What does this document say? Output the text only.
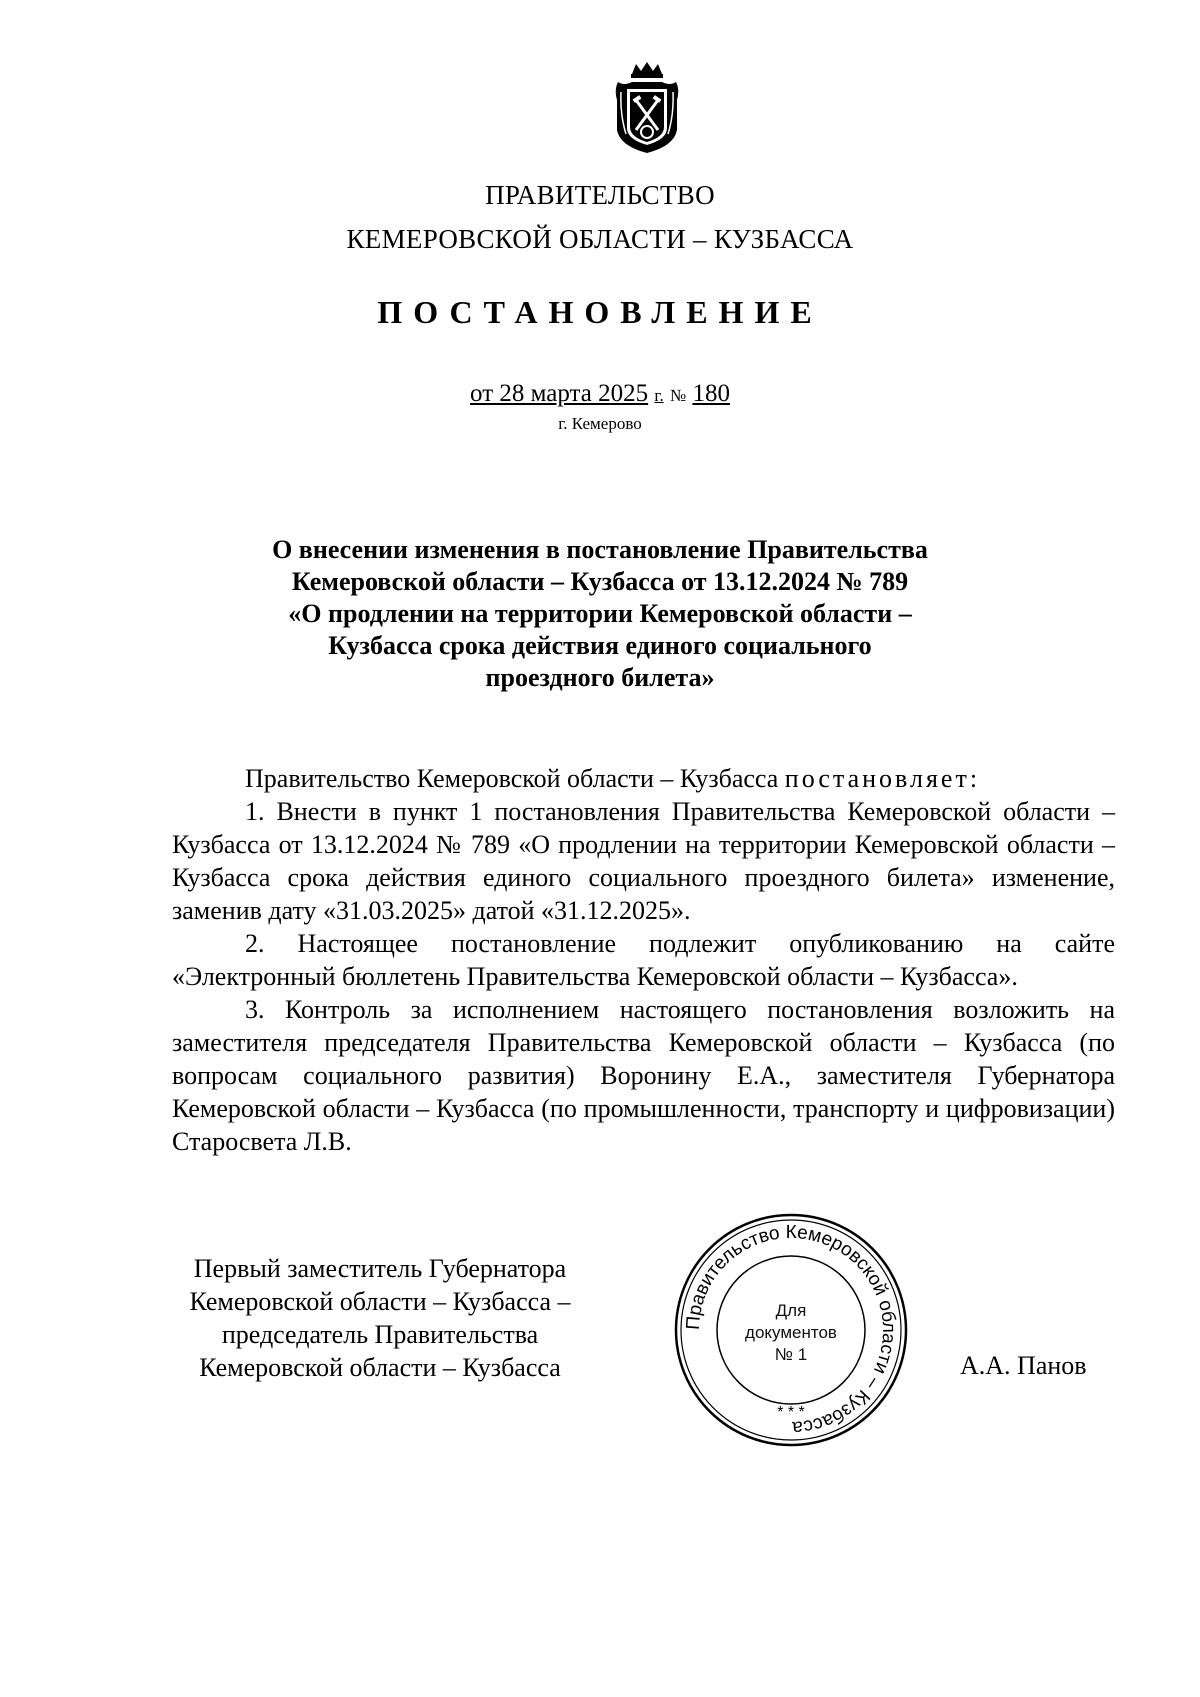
ПРАВИТЕЛЬСТВО
КЕМЕРОВСКОЙ ОБЛАСТИ – КУЗБАССА
ПОСТАНОВЛЕНИЕ
от 28 марта 2025 г. № 180
г. Кемерово
О внесении изменения в постановление Правительства
Кемеровской области – Кузбасса от 13.12.2024 № 789
«О продлении на территории Кемеровской области –
Кузбасса срока действия единого социального
проездного билета»

Правительство Кемеровской области – Кузбасса постановляет:

1. Внести в пункт 1 постановления Правительства Кемеровской области – Кузбасса от 13.12.2024 № 789 «О продлении на территории Кемеровской области – Кузбасса срока действия единого социального проездного билета» изменение, заменив дату «31.03.2025» датой «31.12.2025».

2. Настоящее постановление подлежит опубликованию на сайте «Электронный бюллетень Правительства Кемеровской области – Кузбасса».

3. Контроль за исполнением настоящего постановления возложить на заместителя председателя Правительства Кемеровской области – Кузбасса (по вопросам социального развития) Воронину Е.А., заместителя Губернатора Кемеровской области – Кузбасса (по промышленности, транспорту и цифровизации) Старосвета Л.В.

Первый заместитель Губернатора
Кемеровской области – Кузбасса –
председатель Правительства
Кемеровской области – Кузбасса
Правительство Кемеровской области – Кузбасса
* * *
Для
документов
№ 1	А.А. Панов
